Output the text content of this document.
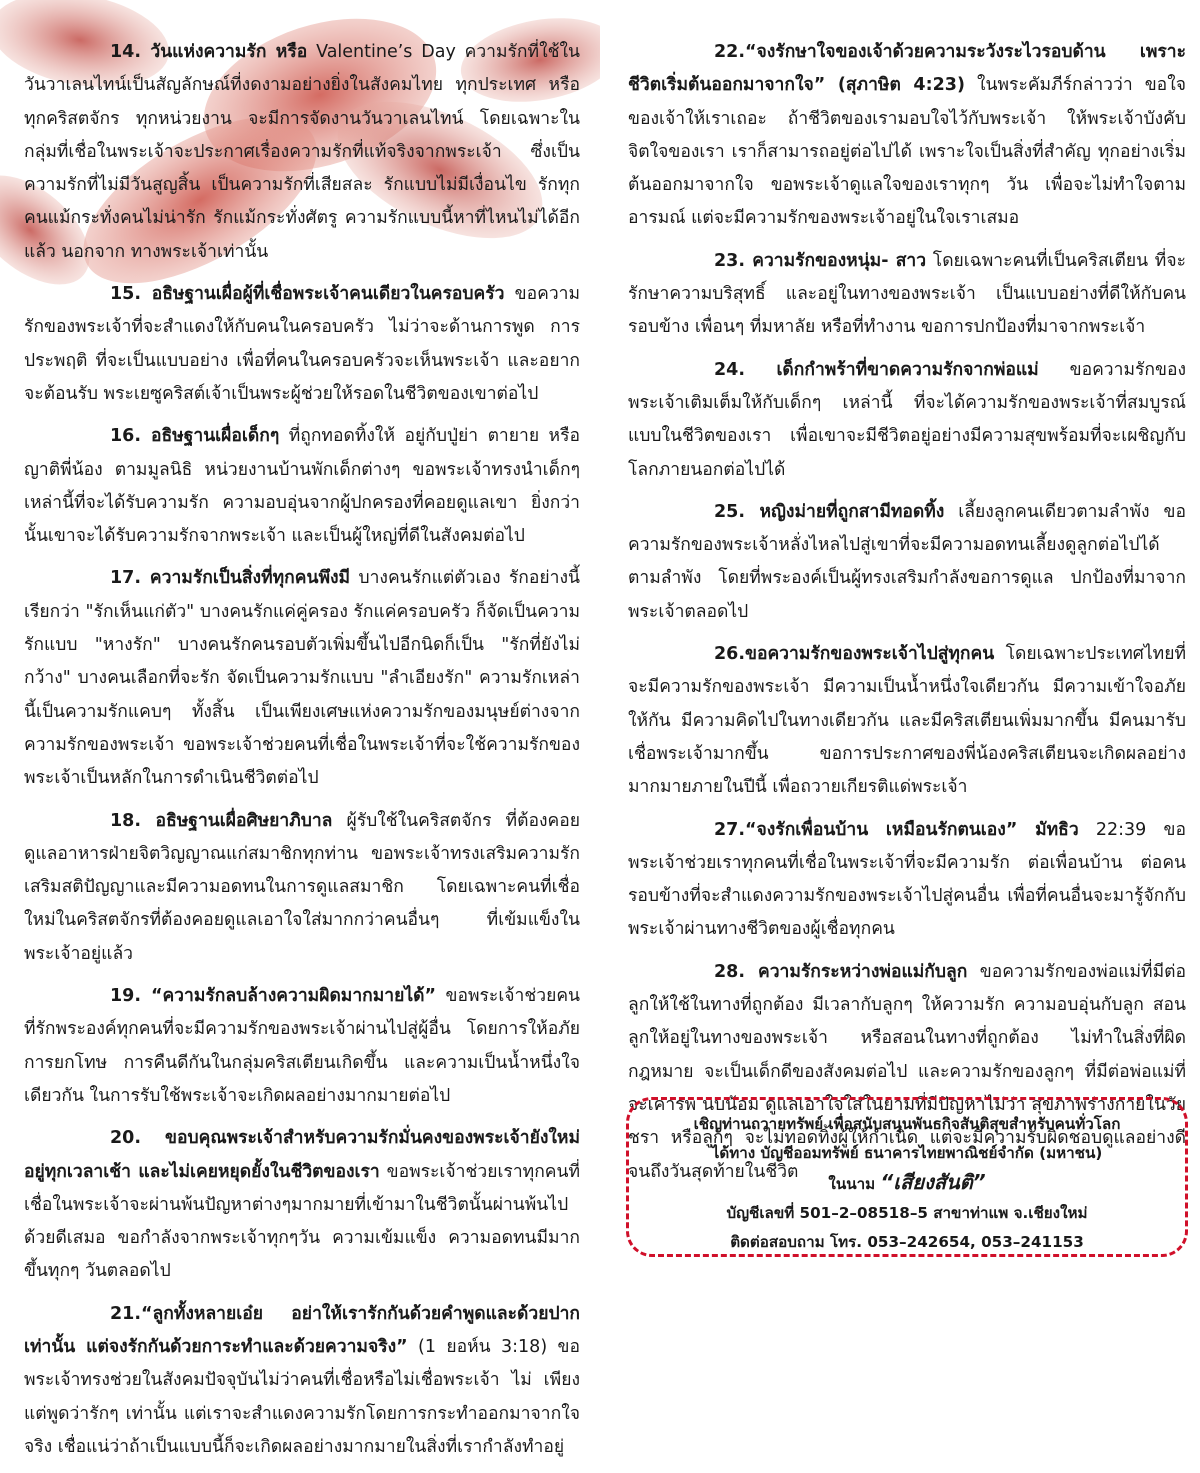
14. วันแห่งความรัก หรือ Valentine’s Day ความรักที่ใช้ในวันวาเลนไทน์เป็นสัญลักษณ์ที่งดงามอย่างยิ่งในสังคมไทย ทุกประเทศ หรือทุกคริสตจักร ทุกหน่วยงาน จะมีการจัดงานวันวาเลนไทน์ โดยเฉพาะในกลุ่มที่เชื่อในพระเจ้าจะประกาศเรื่องความรักที่แท้จริงจากพระเจ้า ซึ่งเป็นความรักที่ไม่มีวันสูญสิ้น เป็นความรักที่เสียสละ รักแบบไม่มีเงื่อนไข รักทุกคนแม้กระทั่งคนไม่น่ารัก รักแม้กระทั่งศัตรู ความรักแบบนี้หาที่ไหนไม่ได้อีกแล้ว นอกจาก ทางพระเจ้าเท่านั้น

15. อธิษฐานเผื่อผู้ที่เชื่อพระเจ้าคนเดียวในครอบครัว ขอความรักของพระเจ้าที่จะสำแดงให้กับคนในครอบครัว ไม่ว่าจะด้านการพูด การประพฤติ ที่จะเป็นแบบอย่าง เพื่อที่คนในครอบครัวจะเห็นพระเจ้า และอยากจะต้อนรับ พระเยซูคริสต์เจ้าเป็นพระผู้ช่วยให้รอดในชีวิตของเขาต่อไป

16. อธิษฐานเผื่อเด็กๆ ที่ถูกทอดทิ้งให้ อยู่กับปู่ย่า ตายาย หรือญาติพี่น้อง ตามมูลนิธิ หน่วยงานบ้านพักเด็กต่างๆ ขอพระเจ้าทรงนำเด็กๆ เหล่านี้ที่จะได้รับความรัก ความอบอุ่นจากผู้ปกครองที่คอยดูแลเขา ยิ่งกว่านั้นเขาจะได้รับความรักจากพระเจ้า และเป็นผู้ใหญ่ที่ดีในสังคมต่อไป

17. ความรักเป็นสิ่งที่ทุกคนพึงมี บางคนรักแต่ตัวเอง รักอย่างนี้เรียกว่า "รักเห็นแก่ตัว" บางคนรักแค่คู่ครอง รักแค่ครอบครัว ก็จัดเป็นความรักแบบ "หางรัก" บางคนรักคนรอบตัวเพิ่มขึ้นไปอีกนิดก็เป็น "รักที่ยังไม่กว้าง" บางคนเลือกที่จะรัก จัดเป็นความรักแบบ "ลำเอียงรัก" ความรักเหล่านี้เป็นความรักแคบๆ ทั้งสิ้น เป็นเพียงเศษแห่งความรักของมนุษย์ต่างจากความรักของพระเจ้า ขอพระเจ้าช่วยคนที่เชื่อในพระเจ้าที่จะใช้ความรักของพระเจ้าเป็นหลักในการดำเนินชีวิตต่อไป

18. อธิษฐานเผื่อศิษยาภิบาล ผู้รับใช้ในคริสตจักร ที่ต้องคอยดูแลอาหารฝ่ายจิตวิญญาณแก่สมาชิกทุกท่าน ขอพระเจ้าทรงเสริมความรัก เสริมสติปัญญาและมีความอดทนในการดูแลสมาชิก โดยเฉพาะคนที่เชื่อใหม่ในคริสตจักรที่ต้องคอยดูแลเอาใจใส่มากกว่าคนอื่นๆ ที่เข้มแข็งในพระเจ้าอยู่แล้ว

19. “ความรักลบล้างความผิดมากมายได้” ขอพระเจ้าช่วยคนที่รักพระองค์ทุกคนที่จะมีความรักของพระเจ้าผ่านไปสู่ผู้อื่น โดยการให้อภัย การยกโทษ การคืนดีกันในกลุ่มคริสเตียนเกิดขึ้น และความเป็นน้ำหนึ่งใจเดียวกัน ในการรับใช้พระเจ้าจะเกิดผลอย่างมากมายต่อไป

20. ขอบคุณพระเจ้าสำหรับความรักมั่นคงของพระเจ้ายังใหม่อยู่ทุกเวลาเช้า และไม่เคยหยุดยั้งในชีวิตของเรา ขอพระเจ้าช่วยเราทุกคนที่เชื่อในพระเจ้าจะผ่านพ้นปัญหาต่างๆมากมายที่เข้ามาในชีวิตนั้นผ่านพ้นไปด้วยดีเสมอ ขอกำลังจากพระเจ้าทุกๆวัน ความเข้มแข็ง ความอดทนมีมากขึ้นทุกๆ วันตลอดไป

21.“ลูกทั้งหลายเอ๋ย อย่าให้เรารักกันด้วยคำพูดและด้วยปากเท่านั้น แต่จงรักกันด้วยการะทำและด้วยความจริง” (1 ยอห์น 3:18) ขอพระเจ้าทรงช่วยในสังคมปัจจุบันไม่ว่าคนที่เชื่อหรือไม่เชื่อพระเจ้า ไม่ เพียงแต่พูดว่ารักๆ เท่านั้น แต่เราจะสำแดงความรักโดยการกระทำออกมาจากใจจริง เชื่อแน่ว่าถ้าเป็นแบบนี้ก็จะเกิดผลอย่างมากมายในสิ่งที่เรากำลังทำอยู่

22.“จงรักษาใจของเจ้าด้วยความระวังระไวรอบด้าน เพราะชีวิตเริ่มต้นออกมาจากใจ” (สุภาษิต 4:23) ในพระคัมภีร์กล่าวว่า ขอใจของเจ้าให้เราเถอะ ถ้าชีวิตของเรามอบใจไว้กับพระเจ้า ให้พระเจ้าบังคับจิตใจของเรา เราก็สามารถอยู่ต่อไปได้ เพราะใจเป็นสิ่งที่สำคัญ ทุกอย่างเริ่มต้นออกมาจากใจ ขอพระเจ้าดูแลใจของเราทุกๆ วัน เพื่อจะไม่ทำใจตามอารมณ์ แต่จะมีความรักของพระเจ้าอยู่ในใจเราเสมอ

23. ความรักของหนุ่ม- สาว โดยเฉพาะคนที่เป็นคริสเตียน ที่จะรักษาความบริสุทธิ์ และอยู่ในทางของพระเจ้า เป็นแบบอย่างที่ดีให้กับคนรอบข้าง เพื่อนๆ ที่มหาลัย หรือที่ทำงาน ขอการปกป้องที่มาจากพระเจ้า

24. เด็กกำพร้าที่ขาดความรักจากพ่อแม่ ขอความรักของพระเจ้าเติมเต็มให้กับเด็กๆ เหล่านี้ ที่จะได้ความรักของพระเจ้าที่สมบูรณ์แบบในชีวิตของเรา เพื่อเขาจะมีชีวิตอยู่อย่างมีความสุขพร้อมที่จะเผชิญกับโลกภายนอกต่อไปได้

25. หญิงม่ายที่ถูกสามีทอดทิ้ง เลี้ยงลูกคนเดียวตามลำพัง ขอความรักของพระเจ้าหลั่งไหลไปสู่เขาที่จะมีความอดทนเลี้ยงดูลูกต่อไปได้ตามลำพัง โดยที่พระองค์เป็นผู้ทรงเสริมกำลังขอการดูแล ปกป้องที่มาจากพระเจ้าตลอดไป

26.ขอความรักของพระเจ้าไปสู่ทุกคน โดยเฉพาะประเทศไทยที่จะมีความรักของพระเจ้า มีความเป็นน้ำหนึ่งใจเดียวกัน มีความเข้าใจอภัยให้กัน มีความคิดไปในทางเดียวกัน และมีคริสเตียนเพิ่มมากขึ้น มีคนมารับเชื่อพระเจ้ามากขึ้น ขอการประกาศของพี่น้องคริสเตียนจะเกิดผลอย่างมากมายภายในปีนี้ เพื่อถวายเกียรติแด่พระเจ้า

27.“จงรักเพื่อนบ้าน เหมือนรักตนเอง” มัทธิว 22:39 ขอพระเจ้าช่วยเราทุกคนที่เชื่อในพระเจ้าที่จะมีความรัก ต่อเพื่อนบ้าน ต่อคนรอบข้างที่จะสำแดงความรักของพระเจ้าไปสู่คนอื่น เพื่อที่คนอื่นจะมารู้จักกับพระเจ้าผ่านทางชีวิตของผู้เชื่อทุกคน

28. ความรักระหว่างพ่อแม่กับลูก ขอความรักของพ่อแม่ที่มีต่อลูกให้ใช้ในทางที่ถูกต้อง มีเวลากับลูกๆ ให้ความรัก ความอบอุ่นกับลูก สอนลูกให้อยู่ในทางของพระเจ้า หรือสอนในทางที่ถูกต้อง ไม่ทำในสิ่งที่ผิดกฎหมาย จะเป็นเด็กดีของสังคมต่อไป และความรักของลูกๆ ที่มีต่อพ่อแม่ที่จะเคารพ นบน้อม ดูแลเอาใจใส่ในยามที่มีปัญหาไม่ว่า สุขภาพร่างกายในวัยชรา หรือลูกๆ จะไม่ทอดทิ้งผู้ให้กำเนิด แต่จะมีความรับผิดชอบดูแลอย่างดีจนถึงวันสุดท้ายในชีวิต

เชิญท่านถวายทรัพย์ เพื่อสนับสนุนพันธกิจสันติสุขสำหรับคนทั่วโลก
ได้ทาง บัญชีออมทรัพย์ ธนาคารไทยพาณิชย์จำกัด (มหาชน)
ในนาม “เสียงสันติ”
บัญชีเลขที่ 501–2–08518–5 สาขาท่าแพ จ.เชียงใหม่
ติดต่อสอบถาม โทร. 053–242654, 053–241153
